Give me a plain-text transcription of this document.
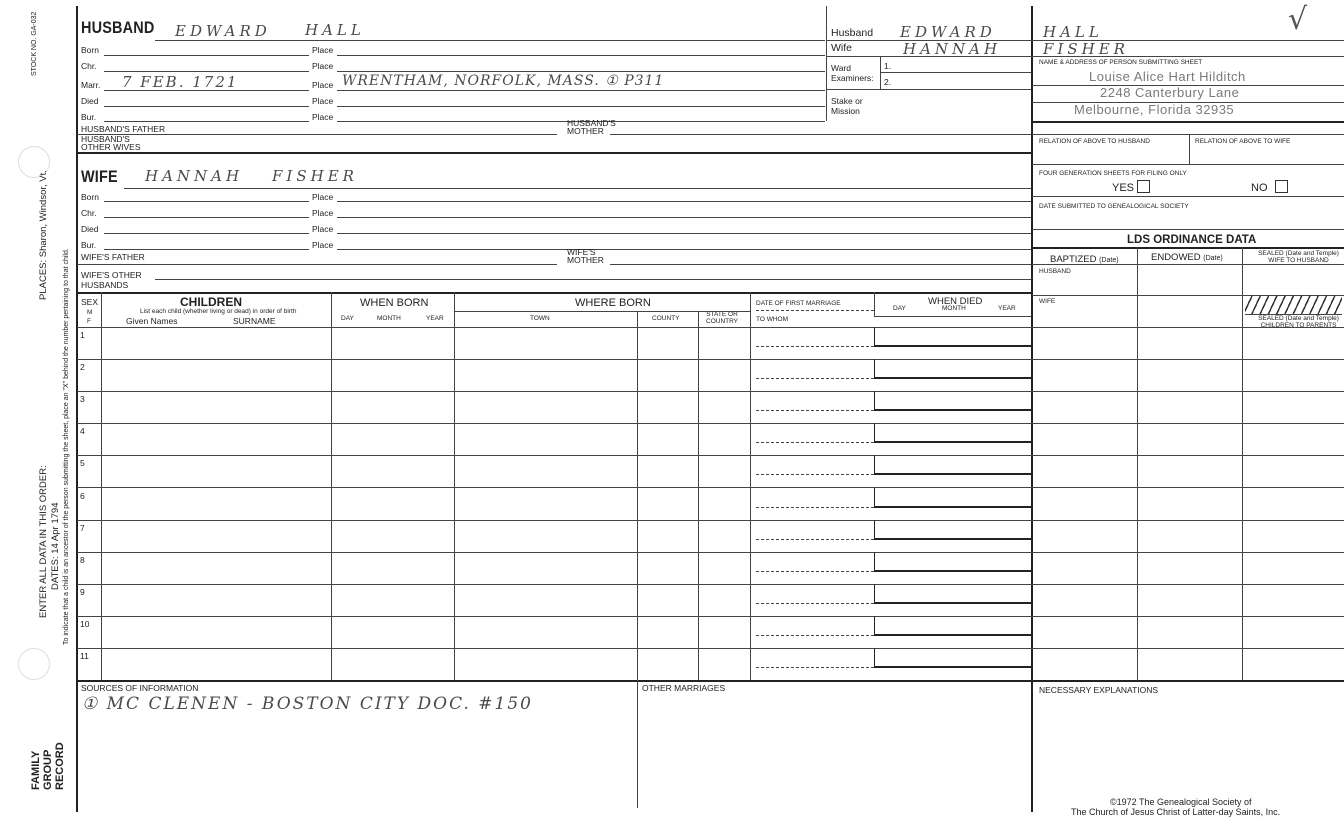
STOCK NO. GA-032
PLACES: Sharon, Windsor, Vt.
ENTER ALL DATA IN THIS ORDER: DATES: 14 Apr 1794 To indicate that a child is an ancestor of the person submitting the sheet, place an "X" behind the number pertaining to that child.
FAMILY
GROUP
RECORD
HUSBAND EDWARD HALL
Born	Place
Chr.	Place
Marr. 7 FEB. 1721	Place WRENTHAM, NORFOLK, MASS. ① P311
Died	Place
Bur.	Place
HUSBAND'S FATHER
HUSBAND'S
MOTHER
HUSBAND'S
OTHER WIVES
WIFE HANNAH FISHER
Born	Place
Chr.	Place
Died	Place
Bur.	Place
WIFE'S FATHER	WIFE'S
MOTHER
WIFE'S OTHER
HUSBANDS
Husband EDWARD	HALL	√
Wife	HANNAH	FISHER
Ward
Examiners:
1.
2.
Stake or
Mission
NAME & ADDRESS OF PERSON SUBMITTING SHEET
Louise Alice Hart Hilditch
2248 Canterbury Lane
Melbourne, Florida 32935
RELATION OF ABOVE TO HUSBAND	RELATION OF ABOVE TO WIFE
FOUR GENERATION SHEETS FOR FILING ONLY
YES	NO
DATE SUBMITTED TO GENEALOGICAL SOCIETY
LDS ORDINANCE DATA
BAPTIZED (Date)	ENDOWED (Date)
SEALED (Date and Temple)
WIFE TO HUSBAND
HUSBAND
WIFE
SEALED (Date and Temple)
CHILDREN TO PARENTS
SEX
M
F
CHILDREN
List each child (whether living or dead) in order of birth
Given Names	SURNAME
WHEN BORN
DAY	MONTH	YEAR
WHERE BORN
TOWN	COUNTY
STATE OR
COUNTRY
DATE OF FIRST MARRIAGE
TO WHOM
WHEN DIED
DAY	MONTH	YEAR
1
2
3
4
5
6
7
8
9
10
11
SOURCES OF INFORMATION
① MC CLENEN - BOSTON CITY DOC. #150
OTHER MARRIAGES	NECESSARY EXPLANATIONS
©1972 The Genealogical Society of
The Church of Jesus Christ of Latter-day Saints, Inc.
